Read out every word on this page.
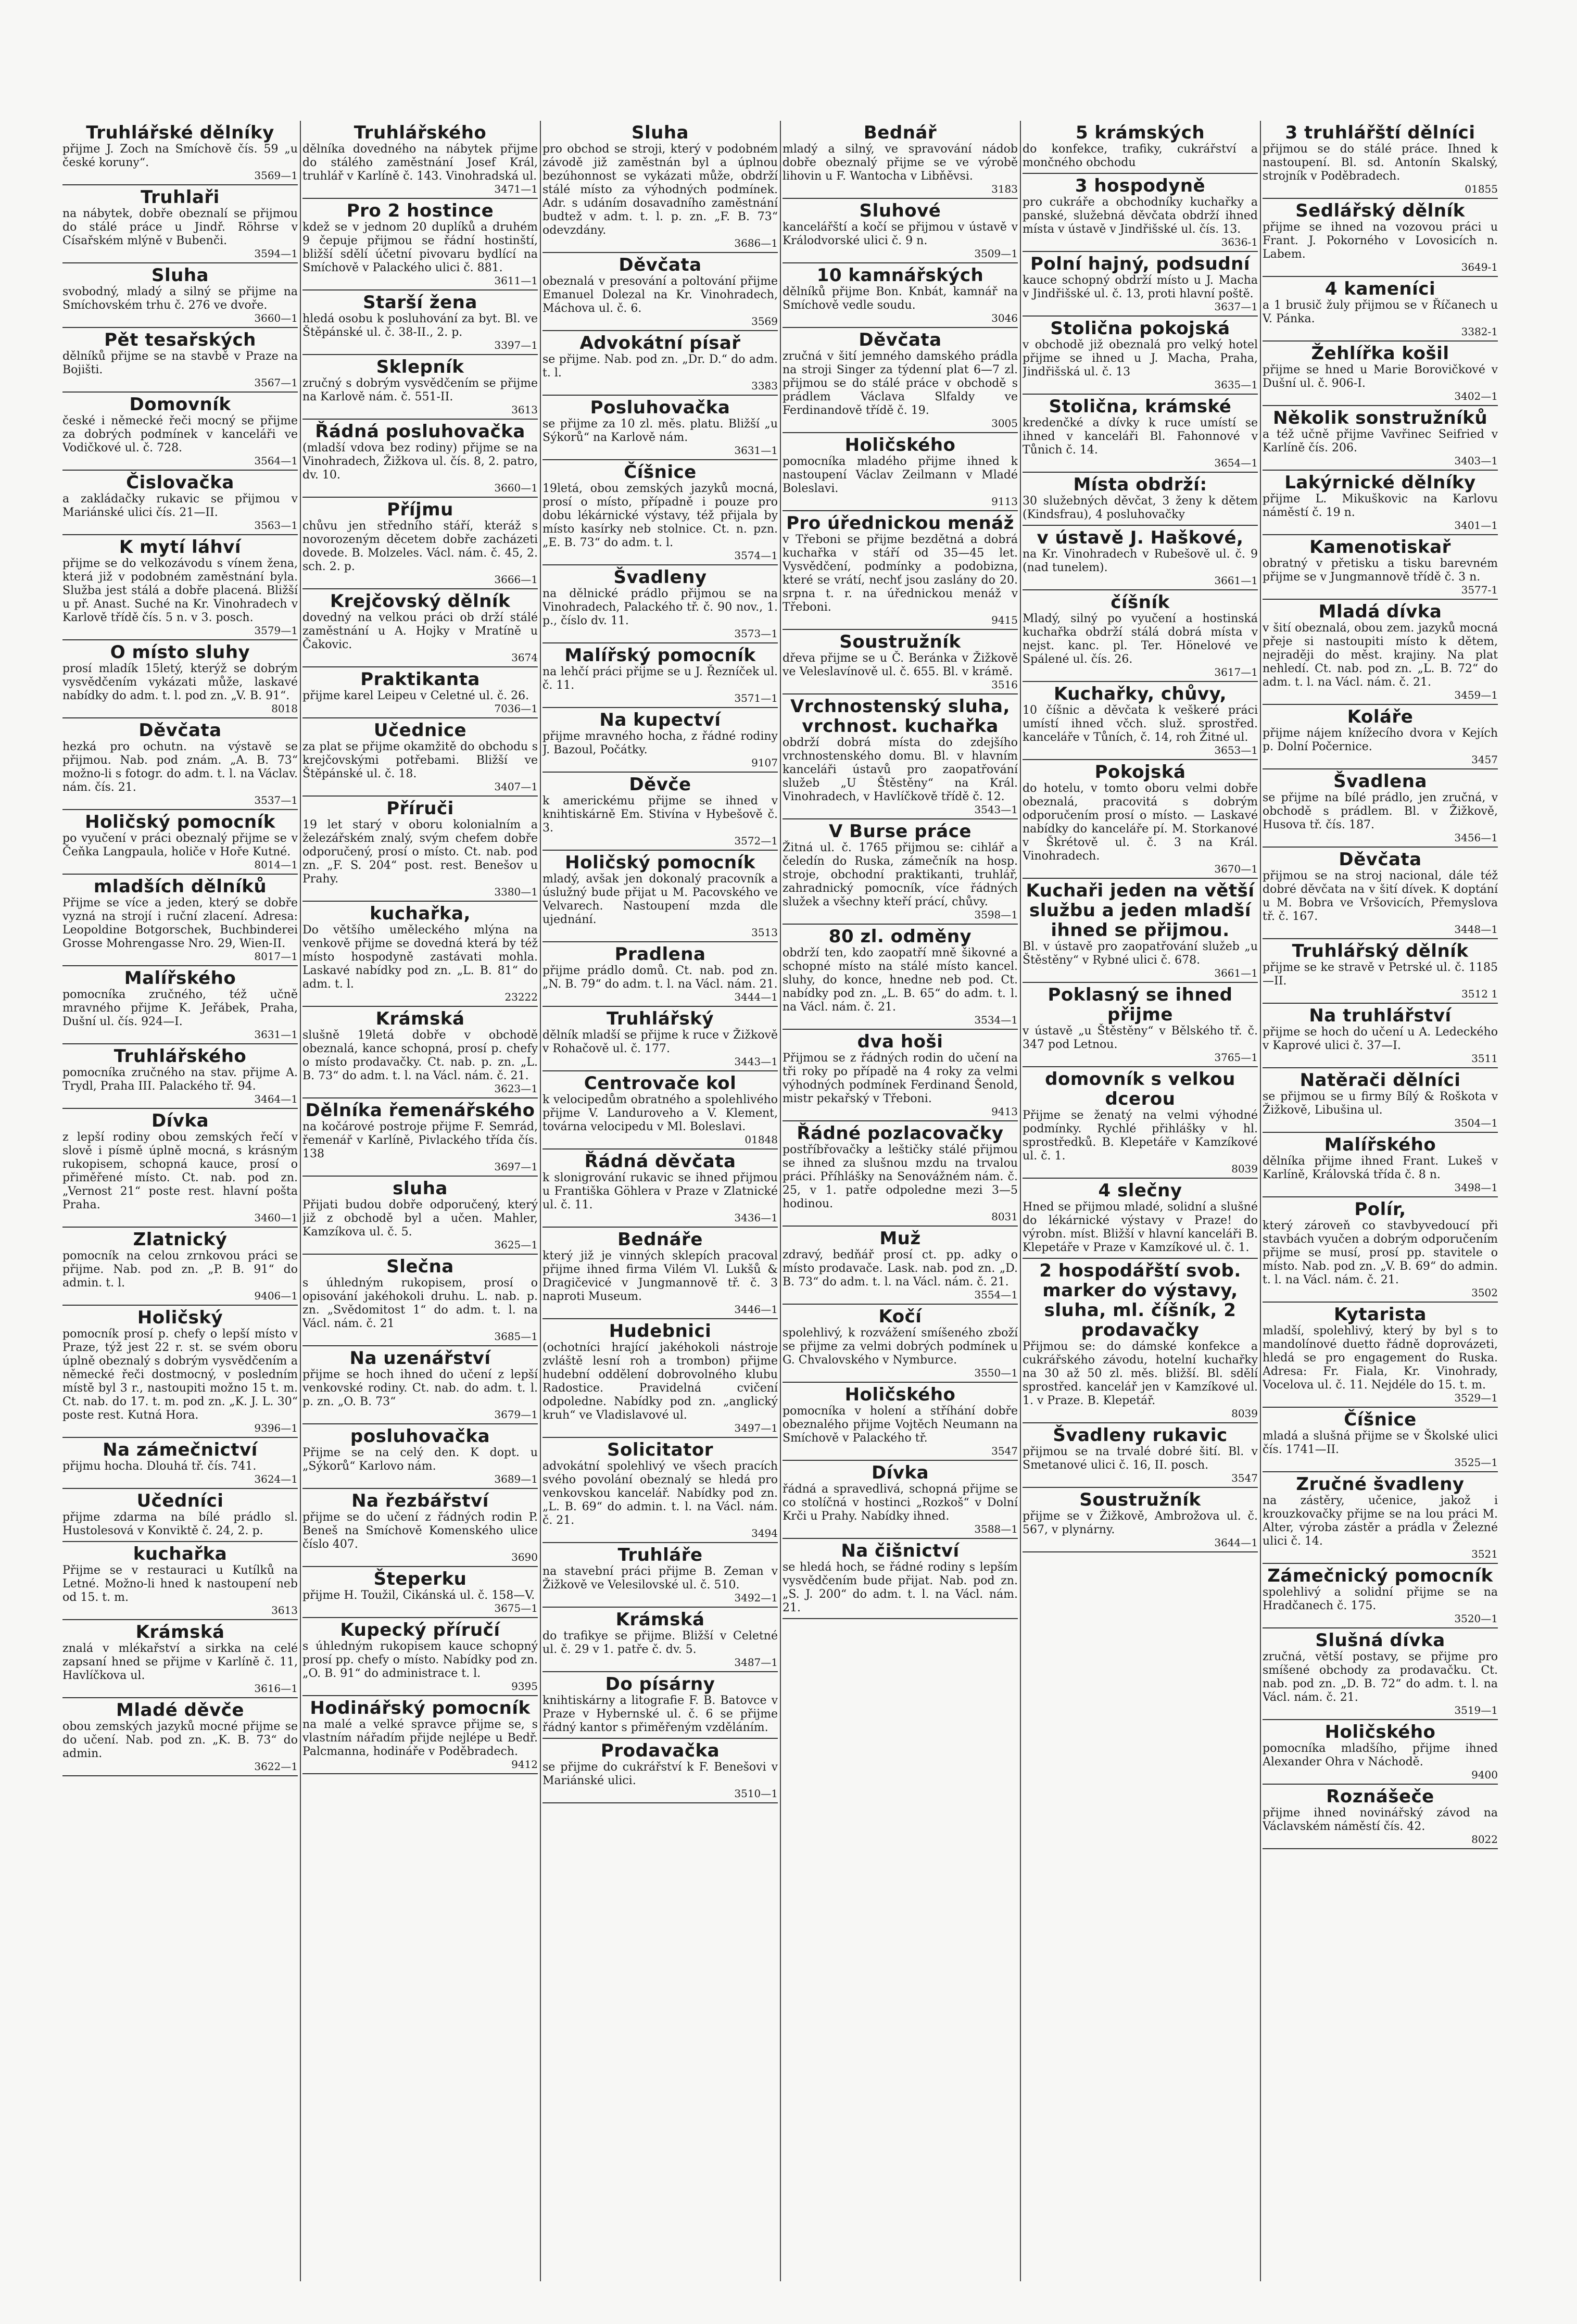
Truhlářské dělníky

přijme J. Zoch na Smíchově čís. 59 „u české koruny“.

3569—1
Truhlaři

na nábytek, dobře obeznalí se přijmou do stálé práce u Jindř. Röhrse v Císařském mlýně v Bubenči.

3594—1
Sluha

svobodný, mladý a silný se přijme na Smíchovském trhu č. 276 ve dvoře.

3660—1
Pět tesařských

dělníků přijme se na stavbě v Praze na Bojišti.

3567—1
Domovník

české i německé řeči mocný se přijme za dobrých podmínek v kanceláři ve Vodičkové ul. č. 728.

3564—1
Čislovačka

a zakládačky rukavic se přijmou v Mariánské ulici čís. 21—II.

3563—1
K mytí láhví

přijme se do velkozávodu s vínem žena, která již v podobném zaměstnání byla. Služba jest stálá a dobře placená. Bližší u př. Anast. Suché na Kr. Vinohradech v Karlově třídě čís. 5 n. v 3. posch.

3579—1
O místo sluhy

prosí mladík 15letý, kterýž se dobrým vysvědčením vykázati může, laskavé nabídky do adm. t. l. pod zn. „V. B. 91“.

8018
Děvčata

hezká pro ochutn. na výstavě se přijmou. Nab. pod znám. „A. B. 73“ možno-li s fotogr. do adm. t. l. na Václav. nám. čís. 21.

3537—1
Holičský pomocník

po vyučení v práci obeznalý přijme se v Čeňka Langpaula, holiče v Hoře Kutné.

8014—1
mladších dělníků

Přijme se více a jeden, který se dobře vyzná na strojí i ruční zlacení. Adresa: Leopoldine Botgorschek, Buchbinderei Grosse Mohrengasse Nro. 29, Wien-II.

8017—1
Malířského

pomocníka zručného, též učně mravného přijme K. Jeřábek, Praha, Dušní ul. čís. 924—I.

3631—1
Truhlářského

pomocníka zručného na stav. přijme A. Trydl, Praha III. Palackého tř. 94.

3464—1
Dívka

z lepší rodiny obou zemských řečí v slově i písmě úplně mocná, s krásným rukopisem, schopná kauce, prosí o přiměřené místo. Ct. nab. pod zn. „Vernost 21“ poste rest. hlavní pošta Praha.

3460—1
Zlatnický

pomocník na celou zrnkovou práci se přijme. Nab. pod zn. „P. B. 91“ do admin. t. l.

9406—1
Holičský

pomocník prosí p. chefy o lepší místo v Praze, týž jest 22 r. st. se svém oboru úplně obeznalý s dobrým vysvědčením a německé řeči dostmocný, v posledním místě byl 3 r., nastoupiti možno 15 t. m. Ct. nab. do 17. t. m. pod zn. „K. J. L. 30“ poste rest. Kutná Hora.

9396—1
Na zámečnictví

přijmu hocha. Dlouhá tř. čís. 741.

3624—1
Učedníci

přijme zdarma na bílé prádlo sl. Hustolesová v Konviktě č. 24, 2. p.

kuchařka

Přijme se v restauraci u Kutílků na Letné. Možno-li hned k nastoupení neb od 15. t. m.

3613
Krámská

znalá v mlékařství a sirkka na celé zapsaní hned se přijme v Karlíně č. 11, Havlíčkova ul.

3616—1
Mladé děvče

obou zemských jazyků mocné přijme se do učení. Nab. pod zn. „K. B. 73“ do admin.

3622—1
Truhlářského

dělníka dovedného na nábytek přijme do stálého zaměstnání Josef Král, truhlář v Karlíně č. 143. Vinohradská ul.

3471—1
Pro 2 hostince

kdež se v jednom 20 duplíků a druhém 9 čepuje přijmou se řádní hostinští, bližší sdělí účetní pivovaru bydlící na Smíchově v Palackého ulici č. 881.

3611—1
Starší žena

hledá osobu k posluhování za byt. Bl. ve Štěpánské ul. č. 38-II., 2. p.

3397—1
Sklepník

zručný s dobrým vysvědčením se přijme na Karlově nám. č. 551-II.

3613
Řádná posluhovačka

(mladší vdova bez rodiny) přijme se na Vinohradech, Žižkova ul. čís. 8, 2. patro, dv. 10.

3660—1
Příjmu

chůvu jen středního stáří, kteráž s novorozeným děcetem dobře zacházeti dovede. B. Molzeles. Václ. nám. č. 45, 2. sch. 2. p.

3666—1
Krejčovský dělník

dovedný na velkou práci ob drží stálé zaměstnání u A. Hojky v Mratíně u Čakovic.

3674
Praktikanta

přijme karel Leipeu v Celetné ul. č. 26.

7036—1
Učednice

za plat se přijme okamžitě do obchodu s krejčovskými potřebami. Bližší ve Štěpánské ul. č. 18.

3407—1
Příruči

19 let starý v oboru kolonialním a železářském znalý, svým chefem dobře odporučený, prosí o místo. Ct. nab. pod zn. „F. S. 204“ post. rest. Benešov u Prahy.

3380—1
kuchařka,

Do většího uměleckého mlýna na venkově přijme se dovedná která by též místo hospodyně zastávati mohla. Laskavé nabídky pod zn. „L. B. 81“ do adm. t. l.

23222
Krámská

slušně 19letá dobře v obchodě obeznalá, kance schopná, prosí p. chefy o místo prodavačky. Ct. nab. p. zn. „L. B. 73“ do adm. t. l. na Václ. nám. č. 21.

3623—1
Dělníka řemenářského

na kočárové postroje přijme F. Semrád, řemenář v Karlíně, Pivlackého třída čís. 138

3697—1
sluha

Přijati budou dobře odporučený, který již z obchodě byl a učen. Mahler, Kamzíkova ul. č. 5.

3625—1
Slečna

s úhledným rukopisem, prosí o opisování jakéhokoli druhu. L. nab. p. zn. „Svědomitost 1“ do adm. t. l. na Václ. nám. č. 21

3685—1
Na uzenářství

přijme se hoch ihned do učení z lepší venkovské rodiny. Ct. nab. do adm. t. l. p. zn. „O. B. 73“

3679—1
posluhovačka

Přijme se na celý den. K dopt. u „Sýkorů“ Karlovo nám.

3689—1
Na řezbářství

přijme se do učení z řádných rodin P. Beneš na Smíchově Komenského ulice číslo 407.

3690
Šteperku

přijme H. Toužil, Cikánská ul. č. 158—V.

3675—1
Kupecký příručí

s úhledným rukopisem kauce schopný prosí pp. chefy o místo. Nabídky pod zn. „O. B. 91“ do administrace t. l.

9395
Hodinářský pomocník

na malé a velké spravce přijme se, s vlastním nářadím přijde nejlépe u Bedř. Palcmanna, hodináře v Poděbradech.

9412
Sluha

pro obchod se stroji, který v podobném závodě již zaměstnán byl a úplnou bezúhonnost se vykázati může, obdrží stálé místo za výhodných podmínek. Adr. s udáním dosavadního zaměstnání budtež v adm. t. l. p. zn. „F. B. 73“ odevzdány.

3686—1
Děvčata

obeznalá v presování a poltování přijme Emanuel Dolezal na Kr. Vinohradech, Máchova ul. č. 6.

3569
Advokátní písař

se přijme. Nab. pod zn. „Dr. D.“ do adm. t. l.

3383
Posluhovačka

se přijme za 10 zl. měs. platu. Bližší „u Sýkorů“ na Karlově nám.

3631—1
Číšnice

19letá, obou zemských jazyků mocná, prosí o místo, případně i pouze pro dobu lékárnické výstavy, též přijala by místo kasírky neb stolnice. Ct. n. pzn. „E. B. 73“ do adm. t. l.

3574—1
Švadleny

na dělnické prádlo přijmou se na Vinohradech, Palackého tř. č. 90 nov., 1. p., číslo dv. 11.

3573—1
Malířský pomocník

na lehčí práci přijme se u J. Řezníček ul. č. 11.

3571—1
Na kupectví

přijme mravného hocha, z řádné rodiny J. Bazoul, Počátky.

9107
Děvče

k americkému přijme se ihned v knihtiskárně Em. Stivína v Hybešově č. 3.

3572—1
Holičský pomocník

mladý, avšak jen dokonalý pracovník a úslužný bude přijat u M. Pacovského ve Velvarech. Nastoupení mzda dle ujednání.

3513
Pradlena

přijme prádlo domů. Ct. nab. pod zn. „N. B. 79“ do adm. t. l. na Václ. nám. 21.

3444—1
Truhlářský

dělník mladší se přijme k ruce v Žižkově v Rohačově ul. č. 177.

3443—1
Centrovače kol

k velocipedům obratného a spolehlivého přijme V. Landuroveho a V. Klement, továrna velocipedu v Ml. Boleslavi.

01848
Řádná děvčata

k slonigrování rukavic se ihned přijmou u Františka Göhlera v Praze v Zlatnické ul. č. 11.

3436—1
Bednáře

který již je vinných sklepích pracoval přijme ihned firma Vilém Vl. Lukšů & Dragičevicé v Jungmannově tř. č. 3 naproti Museum.

3446—1
Hudebnici

(ochotníci hrající jakéhokoli nástroje zvláště lesní roh a trombon) přijme hudební oddělení dobrovolného klubu Radostice. Pravidelná cvičení odpoledne. Nabídky pod zn. „anglický kruh“ ve Vladislavové ul.

3497—1
Solicitator

advokátní spolehlivý ve všech pracích svého povolání obeznalý se hledá pro venkovskou kancelář. Nabídky pod zn. „L. B. 69“ do admin. t. l. na Václ. nám. č. 21.

3494
Truhláře

na stavební práci přijme B. Zeman v Žižkově ve Velesilovské ul. č. 510.

3492—1
Krámská

do trafikye se přijme. Bližší v Celetné ul. č. 29 v 1. patře č. dv. 5.

3487—1
Do písárny

knihtiskárny a litografie F. B. Batovce v Praze v Hybernské ul. č. 6 se přijme řádný kantor s přiměřeným vzděláním.

Prodavačka

se přijme do cukrářství k F. Benešovi v Mariánské ulici.

3510—1
Bednář

mladý a silný, ve spravování nádob dobře obeznalý přijme se ve výrobě lihovin u F. Wantocha v Libňěvsi.

3183
Sluhové

kancelářští a kočí se přijmou v ústavě v Králodvorské ulici č. 9 n.

3509—1
10 kamnářských

dělníků přijme Bon. Knbát, kamnář na Smíchově vedle soudu.

3046
Děvčata

zručná v šití jemného damského prádla na stroji Singer za týdenní plat 6—7 zl. přijmou se do stálé práce v obchodě s prádlem Václava Slfaldy ve Ferdinandově třídě č. 19.

3005
Holičského

pomocníka mladého přijme ihned k nastoupení Václav Zeilmann v Mladé Boleslavi.

9113
Pro úřednickou menáž

v Třeboni se přijme bezdětná a dobrá kuchařka v stáří od 35—45 let. Vysvědčení, podmínky a podobizna, které se vrátí, nechť jsou zaslány do 20. srpna t. r. na úřednickou menáž v Třeboni.

9415
Soustružník

dřeva přijme se u Č. Beránka v Žižkově ve Veleslavínově ul. č. 655. Bl. v krámě.

3516
Vrchnostenský sluha, vrchnost. kuchařka

obdrží dobrá místa do zdejšího vrchnostenského domu. Bl. v hlavním kanceláři ústavů pro zaopatřování služeb „U Štěstěny“ na Král. Vinohradech, v Havlíčkově třídě č. 12.

3543—1
V Burse práce

Žitná ul. č. 1765 přijmou se: cihlář a čeledín do Ruska, zámečník na hosp. stroje, obchodní praktikanti, truhlář, zahradnický pomocník, více řádných služek a všechny kteří prácí, chůvy.

3598—1
80 zl. odměny

obdrží ten, kdo zaopatří mně šikovné a schopné místo na stálé místo kancel. sluhy, do konce, hnedne neb pod. Ct. nabídky pod zn. „L. B. 65“ do adm. t. l. na Václ. nám. č. 21.

3534—1
dva hoši

Přijmou se z řádných rodin do učení na tři roky po případě na 4 roky za velmi výhodných podmínek Ferdinand Šenold, mistr pekařský v Třeboni.

9413
Řádné pozlacovačky

postříbřovačky a leštičky stálé přijmou se ihned za slušnou mzdu na trvalou práci. Příhlášky na Senovážném nám. č. 25, v 1. patře odpoledne mezi 3—5 hodinou.

8031
Muž

zdravý, bedňář prosí ct. pp. adky o místo prodavače. Lask. nab. pod zn. „D. B. 73“ do adm. t. l. na Václ. nám. č. 21.

3554—1
Kočí

spolehlivý, k rozvážení smíšeného zboží se přijme za velmi dobrých podmínek u G. Chvalovského v Nymburce.

3550—1
Holičského

pomocníka v holení a stříhání dobře obeznalého přijme Vojtěch Neumann na Smíchově v Palackého tř.

3547
Dívka

řádná a spravedlivá, schopná přijme se co stolíčná v hostinci „Rozkoš“ v Dolní Krči u Prahy. Nabídky ihned.

3588—1
Na čišnictví

se hledá hoch, se řádné rodiny s lepším vysvědčením bude přijat. Nab. pod zn. „S. J. 200“ do adm. t. l. na Václ. nám. 21.

5 krámských

do konfekce, trafiky, cukrářství a mončného obchodu

3 hospodyně

pro cukráře a obchodníky kuchařky a panské, služebná děvčata obdrží ihned místa v ústavě v Jindřišské ul. čís. 13.

3636-1
Polní hajný, podsudní

kauce schopný obdrží místo u J. Macha v Jindřišské ul. č. 13, proti hlavní poště.

3637—1
Stolična pokojská

v obchodě již obeznalá pro velký hotel přijme se ihned u J. Macha, Praha, Jindřišská ul. č. 13

3635—1
Stolična, krámské

kredenčké a dívky k ruce umístí se ihned v kanceláři Bl. Fahonnové v Tůnich č. 14.

3654—1
Místa obdrží:

30 služebných děvčat, 3 ženy k dětem (Kindsfrau), 4 posluhovačky

v ústavě J. Haškové,

na Kr. Vinohradech v Rubešově ul. č. 9 (nad tunelem).

3661—1
číšník

Mladý, silný po vyučení a hostinská kuchařka obdrží stálá dobrá místa v nejst. kanc. pl. Ter. Hönelové ve Spálené ul. čís. 26.

3617—1
Kuchařky, chůvy,

10 číšnic a děvčata k veškeré práci umístí ihned včch. služ. sprostřed. kanceláře v Tůních, č. 14, roh Žitné ul.

3653—1
Pokojská

do hotelu, v tomto oboru velmi dobře obeznalá, pracovitá s dobrým odporučením prosí o místo. — Laskavé nabídky do kanceláře pí. M. Storkanové v Škrétově ul. č. 3 na Král. Vinohradech.

3670—1
Kuchaři jeden na větší službu a jeden mladší ihned se přijmou.

Bl. v ústavě pro zaopatřování služeb „u Štěstěny“ v Rybné ulici č. 678.

3661—1
Poklasný se ihned přijme

v ústavě „u Štěstěny“ v Bělského tř. č. 347 pod Letnou.

3765—1
domovník s velkou dcerou

Přijme se ženatý na velmi výhodné podmínky. Rychlé přihlášky v hl. sprostředků. B. Klepetáře v Kamzíkové ul. č. 1.

8039
4 slečny

Hned se přijmou mladé, solidní a slušné do lékárnické výstavy v Praze! do výrobn. míst. Bližší v hlavní kanceláři B. Klepetáře v Praze v Kamzíkové ul. č. 1.

2 hospodářští svob. marker do výstavy, sluha, ml. číšník, 2 prodavačky

Přijmou se: do dámské konfekce a cukrářského závodu, hotelní kuchařky na 30 až 50 zl. měs. bližší. Bl. sdělí sprostřed. kancelář jen v Kamzíkové ul. 1. v Praze. B. Klepetář.

8039
Švadleny rukavic

přijmou se na trvalé dobré šití. Bl. v Smetanové ulici č. 16, II. posch.

3547
Soustružník

přijme se v Žižkově, Ambrožova ul. č. 567, v plynárny.

3644—1
3 truhlářští dělníci

přijmou se do stálé práce. Ihned k nastoupení. Bl. sd. Antonín Skalský, strojník v Poděbradech.

01855
Sedlářský dělník

přijme se ihned na vozovou práci u Frant. J. Pokorného v Lovosicích n. Labem.

3649-1
4 kameníci

a 1 brusič žuly přijmou se v Říčanech u V. Pánka.

3382-1
Žehlířka košil

přijme se hned u Marie Borovičkové v Dušní ul. č. 906-I.

3402—1
Několik sonstružníků

a též učně přijme Vavřinec Seifried v Karlíně čís. 206.

3403—1
Lakýrnické dělníky

přijme L. Mikuškovic na Karlovu náměstí č. 19 n.

3401—1
Kamenotiskař

obratný v přetisku a tisku barevném přijme se v Jungmannově třídě č. 3 n.

3577-1
Mladá dívka

v šití obeznalá, obou zem. jazyků mocná přeje si nastoupiti místo k dětem, nejraději do měst. krajiny. Na plat nehledí. Ct. nab. pod zn. „L. B. 72“ do adm. t. l. na Václ. nám. č. 21.

3459—1
Koláře

přijme nájem knížecího dvora v Kejích p. Dolní Počernice.

3457
Švadlena

se přijme na bílé prádlo, jen zručná, v obchodě s prádlem. Bl. v Žižkově, Husova tř. čís. 187.

3456—1
Děvčata

přijmou se na stroj nacional, dále též dobré děvčata na v šití dívek. K doptání u M. Bobra ve Vršovicích, Přemyslova tř. č. 167.

3448—1
Truhlářský dělník

přijme se ke stravě v Petrské ul. č. 1185—II.

3512 1
Na truhlářství

přijme se hoch do učení u A. Ledeckého v Kaprové ulici č. 37—I.

3511
Natěrači dělníci

se přijmou se u firmy Bílý & Roškota v Žižkově, Libušina ul.

3504—1
Malířského

dělníka přijme ihned Frant. Lukeš v Karlíně, Královská třída č. 8 n.

3498—1
Polír,

který zároveň co stavbyvedoucí při stavbách vyučen a dobrým odporučením přijme se musí, prosí pp. stavitele o místo. Nab. pod zn. „V. B. 69“ do admin. t. l. na Václ. nám. č. 21.

3502
Kytarista

mladší, spolehlivý, který by byl s to mandolínové duetto řádně doprovázeti, hledá se pro engagement do Ruska. Adresa: Fr. Fiala, Kr. Vinohrady, Vocelova ul. č. 11. Nejdéle do 15. t. m.

3529—1
Číšnice

mladá a slušná přijme se v Školské ulici čís. 1741—II.

3525—1
Zručné švadleny

na zástěry, učenice, jakož i krouzkovačky přijme se na lou práci M. Alter, výroba zástěr a prádla v Železné ulici č. 14.

3521
Zámečnický pomocník

spolehlivý a solidní přijme se na Hradčanech č. 175.

3520—1
Slušná dívka

zručná, větší postavy, se přijme pro smíšené obchody za prodavačku. Ct. nab. pod zn. „D. B. 72“ do adm. t. l. na Václ. nám. č. 21.

3519—1
Holičského

pomocníka mladšího, přijme ihned Alexander Ohra v Náchodě.

9400
Roznášeče

přijme ihned novinářský závod na Václavském náměstí čís. 42.

8022
